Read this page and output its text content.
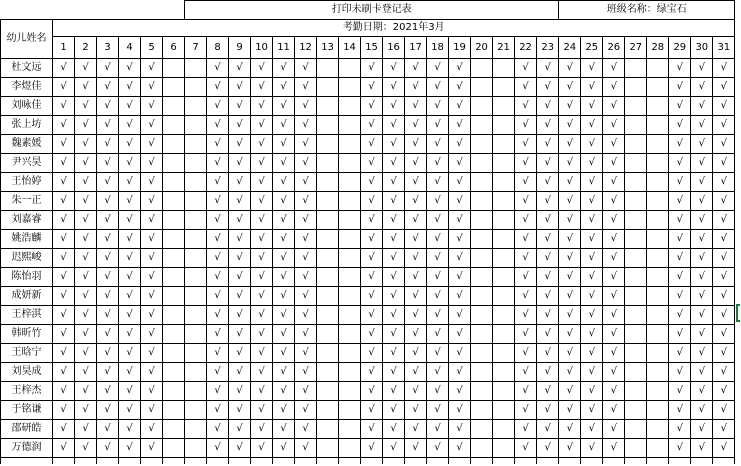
							打印未刷卡登记表																	班级名称：绿宝石							
幼儿姓名	考勤日期：2021年3月																														
	1	2	3	4	5	6	7	8	9	10	11	12	13	14	15	16	17	18	19	20	21	22	23	24	25	26	27	28	29	30	31
杜文远	√	√	√	√	√			√	√	√	√	√			√	√	√	√	√			√	√	√	√	√			√	√	√
李煜佳	√	√	√	√	√			√	√	√	√	√			√	√	√	√	√			√	√	√	√	√			√	√	√
刘咏佳	√	√	√	√	√			√	√	√	√	√			√	√	√	√	√			√	√	√	√	√			√	√	√
张上坊	√	√	√	√	√			√	√	√	√	√			√	√	√	√	√			√	√	√	√	√			√	√	√
魏素媛	√	√	√	√	√			√	√	√	√	√			√	√	√	√	√			√	√	√	√	√			√	√	√
尹兴昊	√	√	√	√	√			√	√	√	√	√			√	√	√	√	√			√	√	√	√	√			√	√	√
王怡婷	√	√	√	√	√			√	√	√	√	√			√	√	√	√	√			√	√	√	√	√			√	√	√
朱一正	√	√	√	√	√			√	√	√	√	√			√	√	√	√	√			√	√	√	√	√			√	√	√
刘嘉睿	√	√	√	√	√			√	√	√	√	√			√	√	√	√	√			√	√	√	√	√			√	√	√
姚浩麟	√	√	√	√	√			√	√	√	√	√			√	√	√	√	√			√	√	√	√	√			√	√	√
迟熙峻	√	√	√	√	√			√	√	√	√	√			√	√	√	√	√			√	√	√	√	√			√	√	√
陈怡羽	√	√	√	√	√			√	√	√	√	√			√	√	√	√	√			√	√	√	√	√			√	√	√
成妍新	√	√	√	√	√			√	√	√	√	√			√	√	√	√	√			√	√	√	√	√			√	√	√
王梓淇	√	√	√	√	√			√	√	√	√	√			√	√	√	√	√			√	√	√	√	√			√	√	√
韩昕竹	√	√	√	√	√			√	√	√	√	√			√	√	√	√	√			√	√	√	√	√			√	√	√
王晗宁	√	√	√	√	√			√	√	√	√	√			√	√	√	√	√			√	√	√	√	√			√	√	√
刘昊成	√	√	√	√	√			√	√	√	√	√			√	√	√	√	√			√	√	√	√	√			√	√	√
王梓杰	√	√	√	√	√			√	√	√	√	√			√	√	√	√	√			√	√	√	√	√			√	√	√
于铭谦	√	√	√	√	√			√	√	√	√	√			√	√	√	√	√			√	√	√	√	√			√	√	√
邵研皓	√	√	√	√	√			√	√	√	√	√			√	√	√	√	√			√	√	√	√	√			√	√	√
万德润	√	√	√	√	√			√	√	√	√	√			√	√	√	√	√			√	√	√	√	√			√	√	√
